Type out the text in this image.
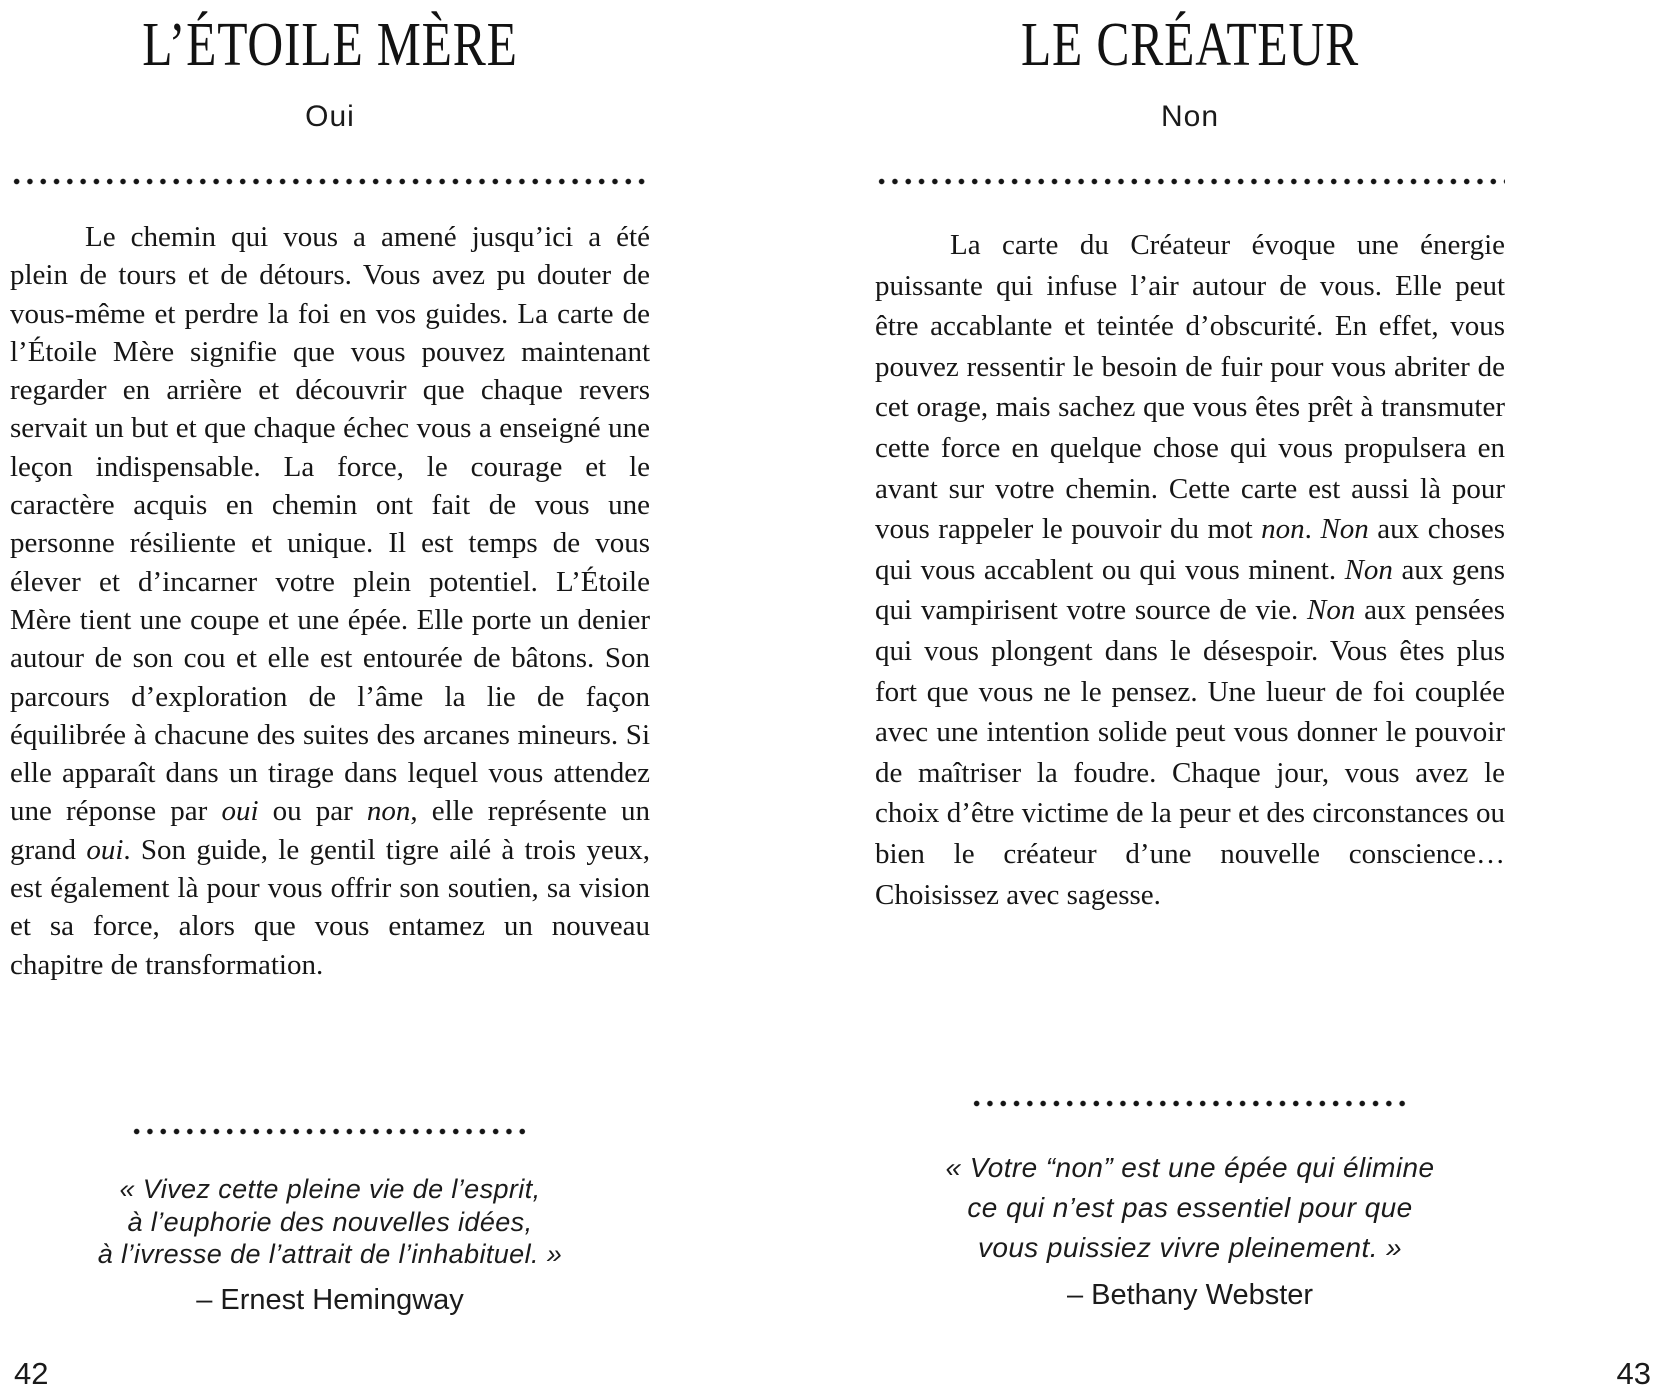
L’ÉTOILE MÈRE
Oui

Le chemin qui vous a amené jusqu’ici a été plein de tours et de détours. Vous avez pu douter de vous-même et perdre la foi en vos guides. La carte de l’Étoile Mère signifie que vous pouvez maintenant regarder en arrière et découvrir que chaque revers servait un but et que chaque échec vous a enseigné une leçon indispensable. La force, le courage et le caractère acquis en chemin ont fait de vous une personne résiliente et unique. Il est temps de vous élever et d’incarner votre plein potentiel. L’Étoile Mère tient une coupe et une épée. Elle porte un denier autour de son cou et elle est entourée de bâtons. Son parcours d’exploration de l’âme la lie de façon équilibrée à chacune des suites des arcanes mineurs. Si elle apparaît dans un tirage dans lequel vous attendez une réponse par oui ou par non, elle représente un grand oui. Son guide, le gentil tigre ailé à trois yeux, est également là pour vous offrir son soutien, sa vision et sa force, alors que vous entamez un nouveau chapitre de transformation.

« Vivez cette pleine vie de l’esprit,
à l’euphorie des nouvelles idées,
à l’ivresse de l’attrait de l’inhabituel. »
– Ernest Hemingway
42
LE CRÉATEUR
Non

La carte du Créateur évoque une énergie puissante qui infuse l’air autour de vous. Elle peut être accablante et teintée d’obscurité. En effet, vous pouvez ressentir le besoin de fuir pour vous abriter de cet orage, mais sachez que vous êtes prêt à transmuter cette force en quelque chose qui vous propulsera en avant sur votre chemin. Cette carte est aussi là pour vous rappeler le pouvoir du mot non. Non aux choses qui vous accablent ou qui vous minent. Non aux gens qui vampirisent votre source de vie. Non aux pensées qui vous plongent dans le désespoir. Vous êtes plus fort que vous ne le pensez. Une lueur de foi couplée avec une intention solide peut vous donner le pouvoir de maîtriser la foudre. Chaque jour, vous avez le choix d’être victime de la peur et des circonstances ou bien le créateur d’une nouvelle conscience… Choisissez avec sagesse.

« Votre “non” est une épée qui élimine
ce qui n’est pas essentiel pour que
vous puissiez vivre pleinement. »
– Bethany Webster
43
